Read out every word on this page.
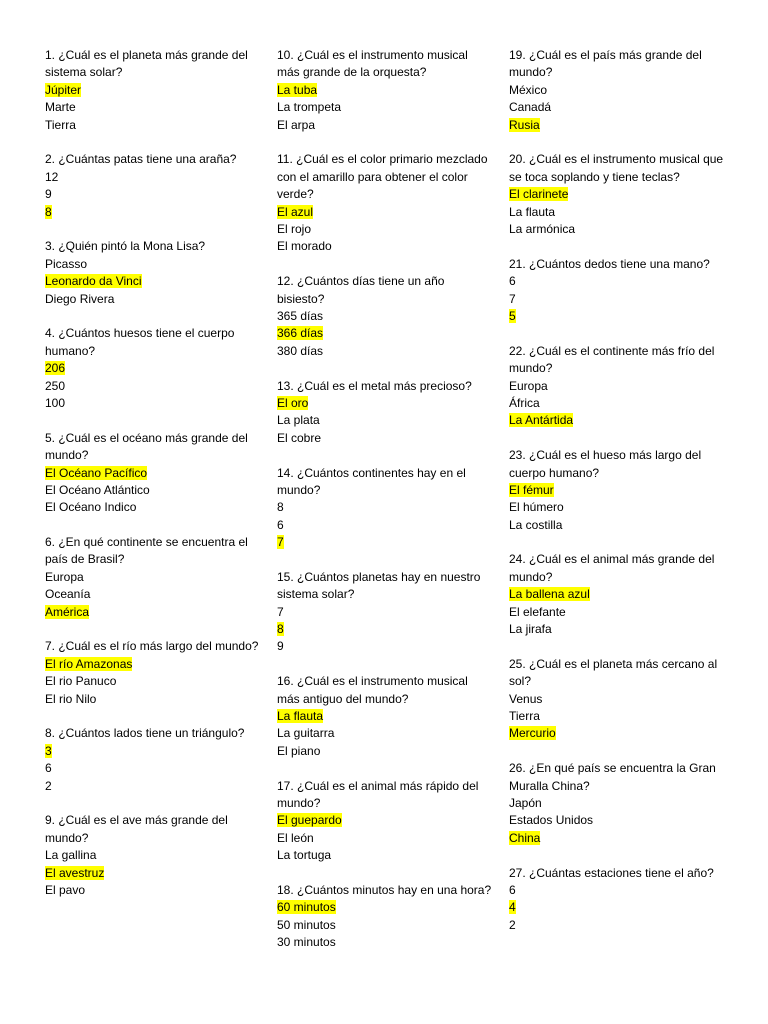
1. ¿Cuál es el planeta más grande del sistema solar?
Júpiter
Marte
Tierra
2. ¿Cuántas patas tiene una araña?
12
9
8
3. ¿Quién pintó la Mona Lisa?
Picasso
Leonardo da Vinci
Diego Rivera
4. ¿Cuántos huesos tiene el cuerpo humano?
206
250
100
5. ¿Cuál es el océano más grande del mundo?
El Océano Pacífico
El Océano Atlántico
El Océano Indico
6. ¿En qué continente se encuentra el país de Brasil?
Europa
Oceanía
América
7. ¿Cuál es el río más largo del mundo?
El río Amazonas
El rio Panuco
El rio Nilo
8. ¿Cuántos lados tiene un triángulo?
3
6
2
9. ¿Cuál es el ave más grande del mundo?
La gallina
El avestruz
El pavo
10. ¿Cuál es el instrumento musical más grande de la orquesta?
La tuba
La trompeta
El arpa
11. ¿Cuál es el color primario mezclado con el amarillo para obtener el color verde?
El azul
El rojo
El morado
12. ¿Cuántos días tiene un año bisiesto?
365 días
366 días
380 días
13. ¿Cuál es el metal más precioso?
El oro
La plata
El cobre
14. ¿Cuántos continentes hay en el mundo?
8
6
7
15. ¿Cuántos planetas hay en nuestro sistema solar?
7
8
9
16. ¿Cuál es el instrumento musical más antiguo del mundo?
La flauta
La guitarra
El piano
17. ¿Cuál es el animal más rápido del mundo?
El guepardo
El león
La tortuga
18. ¿Cuántos minutos hay en una hora?
60 minutos
50 minutos
30 minutos
19. ¿Cuál es el país más grande del mundo?
México
Canadá
Rusia
20. ¿Cuál es el instrumento musical que se toca soplando y tiene teclas?
El clarinete
La flauta
La armónica
21. ¿Cuántos dedos tiene una mano?
6
7
5
22. ¿Cuál es el continente más frío del mundo?
Europa
África
La Antártida
23. ¿Cuál es el hueso más largo del cuerpo humano?
El fémur
El húmero
La costilla
24. ¿Cuál es el animal más grande del mundo?
La ballena azul
El elefante
La jirafa
25. ¿Cuál es el planeta más cercano al sol?
Venus
Tierra
Mercurio
26. ¿En qué país se encuentra la Gran Muralla China?
Japón
Estados Unidos
China
27. ¿Cuántas estaciones tiene el año?
6
4
2
